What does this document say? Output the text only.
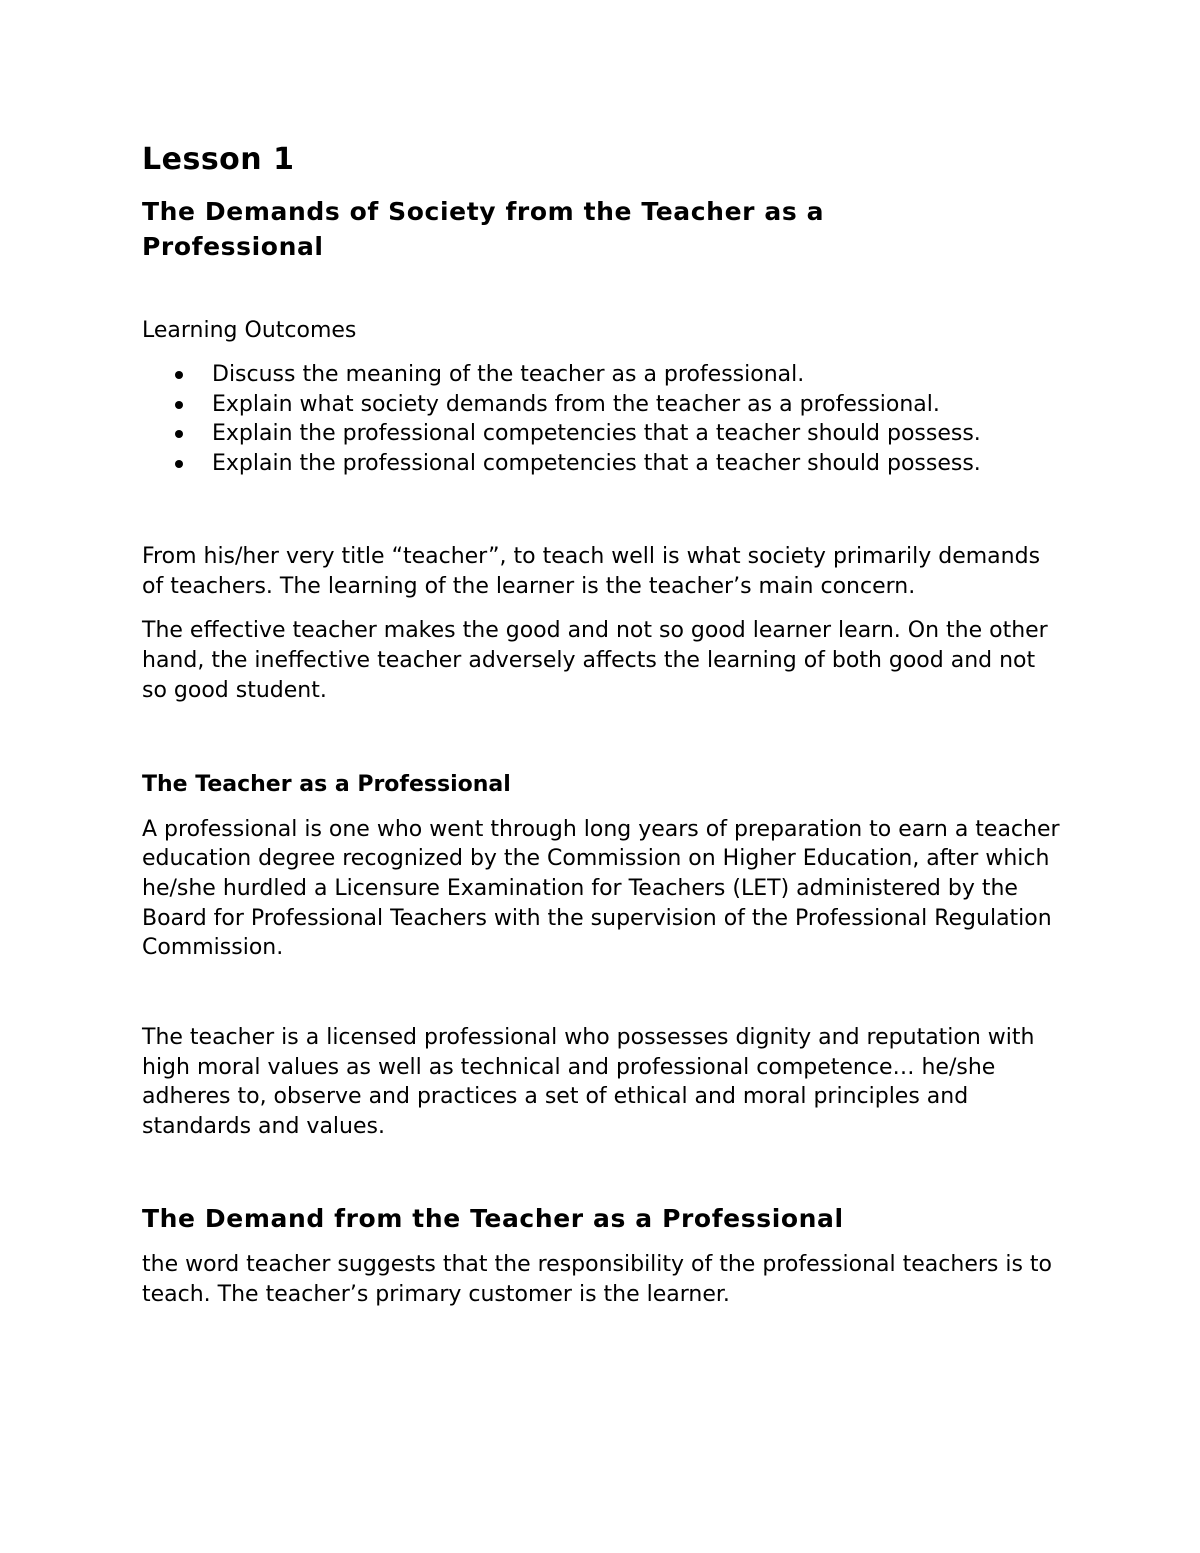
Lesson 1
The Demands of Society from the Teacher as a
Professional
Learning Outcomes
Discuss the meaning of the teacher as a professional.
Explain what society demands from the teacher as a professional.
Explain the professional competencies that a teacher should possess.
Explain the professional competencies that a teacher should possess.

From his/her very title “teacher”, to teach well is what society primarily demands of teachers. The learning of the learner is the teacher’s main concern.

The effective teacher makes the good and not so good learner learn. On the other hand, the ineffective teacher adversely affects the learning of both good and not so good student.

The Teacher as a Professional

A professional is one who went through long years of preparation to earn a teacher education degree recognized by the Commission on Higher Education, after which he/she hurdled a Licensure Examination for Teachers (LET) administered by the Board for Professional Teachers with the supervision of the Professional Regulation Commission.

The teacher is a licensed professional who possesses dignity and reputation with high moral values as well as technical and professional competence… he/she adheres to, observe and practices a set of ethical and moral principles and standards and values.

The Demand from the Teacher as a Professional

the word teacher suggests that the responsibility of the professional teachers is to teach. The teacher’s primary customer is the learner.
